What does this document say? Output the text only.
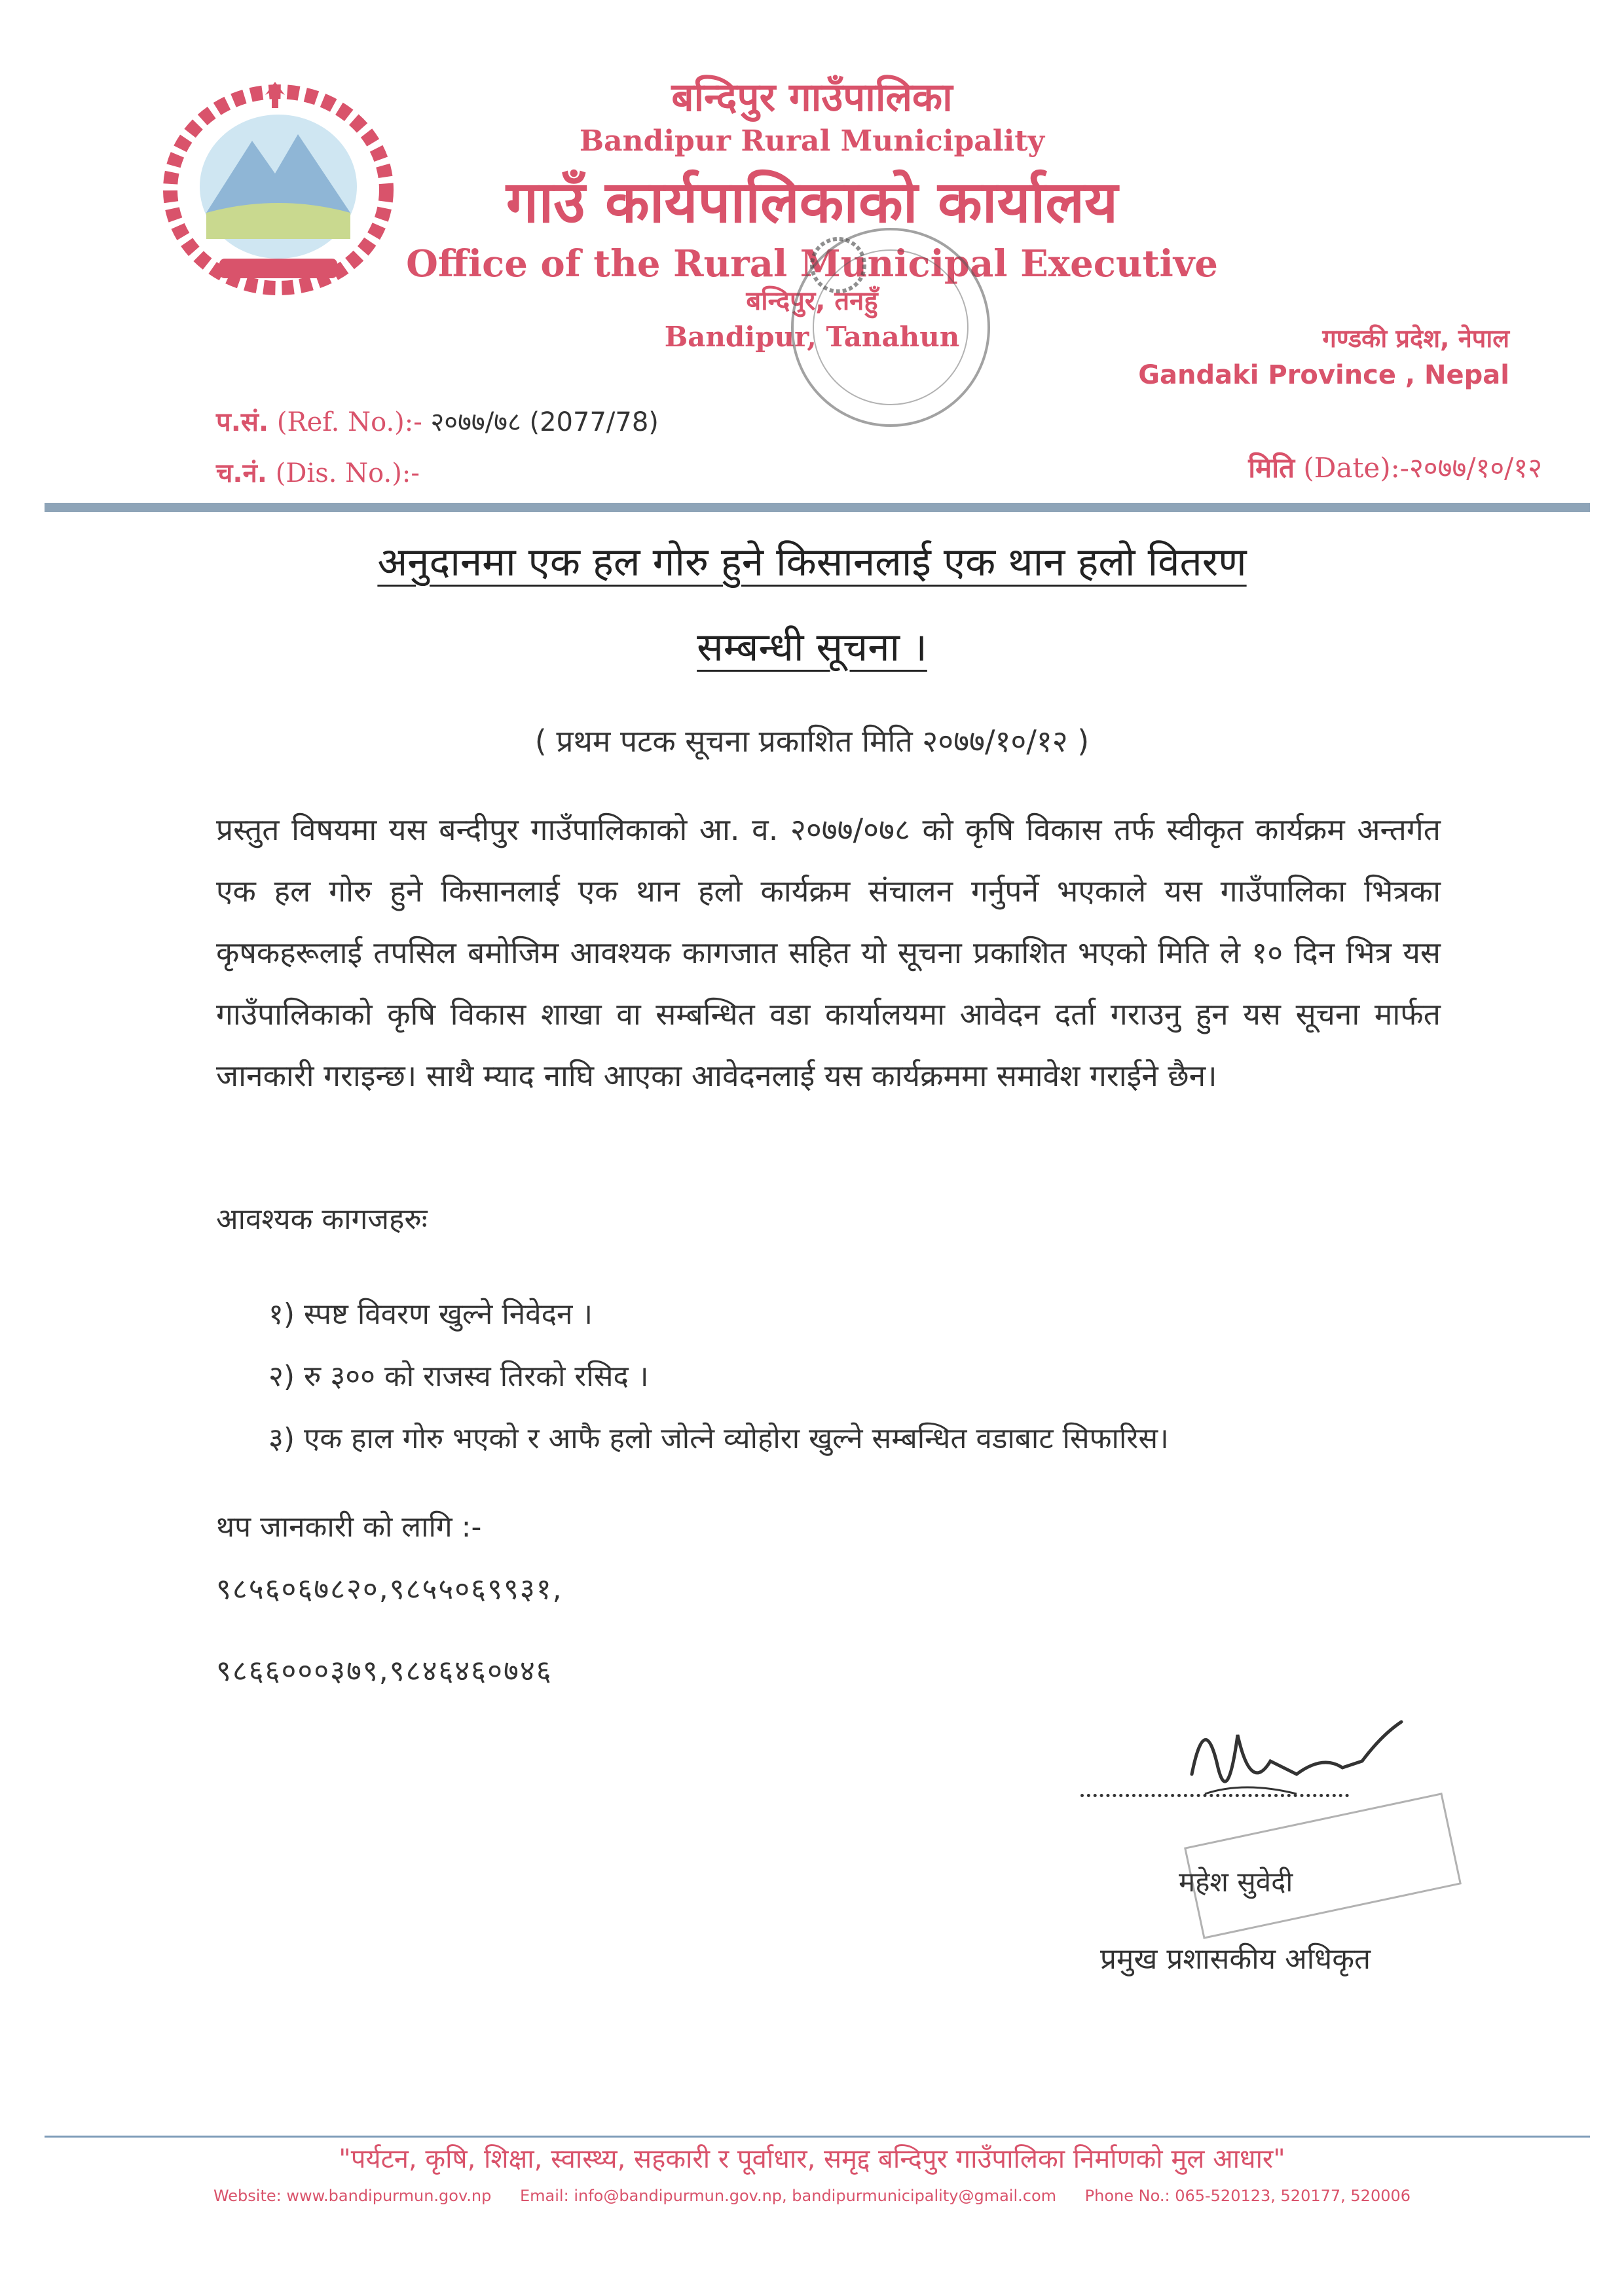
बन्दिपुर गाउँपालिका
Bandipur Rural Municipality
गाउँ कार्यपालिकाको कार्यालय
Office of the Rural Municipal Executive
बन्दिपुर, तनहुँ
Bandipur, Tanahun	गण्डकी प्रदेश, नेपाल
Gandaki Province , Nepal
प.सं. (Ref. No.):- २०७७/७८ (2077/78)
च.नं. (Dis. No.):-	मिति (Date):-२०७७/१०/१२
अनुदानमा एक हल गोरु हुने किसानलाई एक थान हलो वितरण
सम्बन्धी सूचना ।
( प्रथम पटक सूचना प्रकाशित मिति २०७७/१०/१२ )
प्रस्तुत विषयमा यस बन्दीपुर गाउँपालिकाको आ. व. २०७७/०७८ को कृषि विकास तर्फ स्वीकृत कार्यक्रम अन्तर्गत एक हल गोरु हुने किसानलाई एक थान हलो कार्यक्रम संचालन गर्नुपर्ने भएकाले यस गाउँपालिका भित्रका कृषकहरूलाई तपसिल बमोजिम आवश्यक कागजात सहित यो सूचना प्रकाशित भएको मिति ले १० दिन भित्र यस गाउँपालिकाको कृषि विकास शाखा वा सम्बन्धित वडा कार्यालयमा आवेदन दर्ता गराउनु हुन यस सूचना मार्फत जानकारी गराइन्छ। साथै म्याद नाघि आएका आवेदनलाई यस कार्यक्रममा समावेश गराईने छैन।
आवश्यक कागजहरुः
१) स्पष्ट विवरण खुल्ने निवेदन ।
२) रु ३०० को राजस्व तिरको रसिद ।
३) एक हाल गोरु भएको र आफै हलो जोत्ने व्योहोरा खुल्ने सम्बन्धित वडाबाट सिफारिस।
थप जानकारी को लागि :-
९८५६०६७८२०,९८५५०६९९३१,
९८६६०००३७९,९८४६४६०७४६
महेश सुवेदी
प्रमुख प्रशासकीय अधिकृत
"पर्यटन, कृषि, शिक्षा, स्वास्थ्य, सहकारी र पूर्वाधार, समृद्द बन्दिपुर गाउँपालिका निर्माणको मुल आधार"
Website: www.bandipurmun.gov.np Email: info@bandipurmun.gov.np, bandipurmunicipality@gmail.com Phone No.: 065-520123, 520177, 520006
